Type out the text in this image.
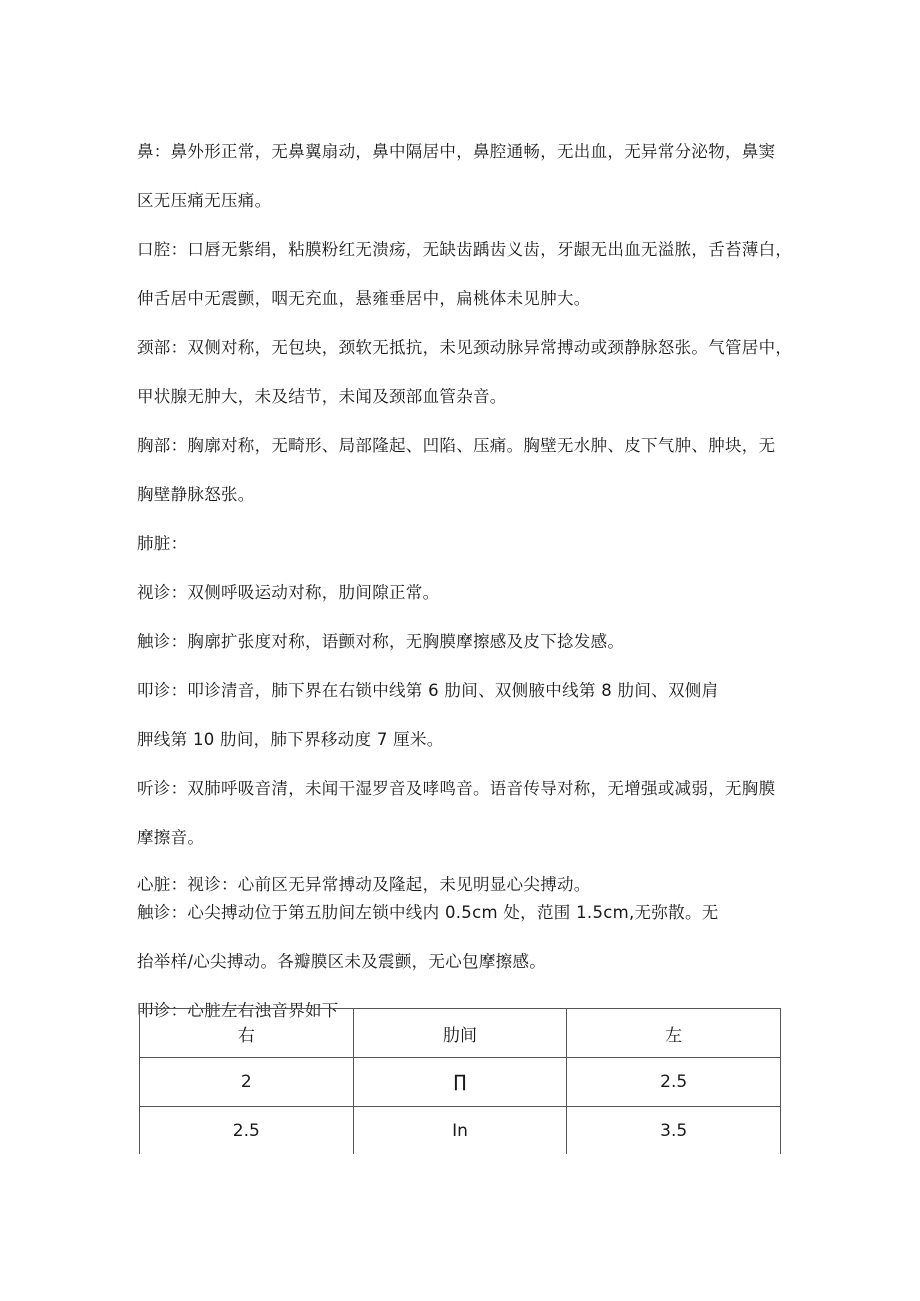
鼻：鼻外形正常，无鼻翼扇动，鼻中隔居中，鼻腔通畅，无出血，无异常分泌物，鼻窦

区无压痛无压痛。

口腔：口唇无紫绢，粘膜粉红无溃疡，无缺齿踽齿义齿，牙龈无出血无溢脓，舌苔薄白，

伸舌居中无震颤，咽无充血，悬雍垂居中，扁桃体未见肿大。

颈部：双侧对称，无包块，颈软无抵抗，未见颈动脉异常搏动或颈静脉怒张。气管居中，

甲状腺无肿大，未及结节，未闻及颈部血管杂音。

胸部：胸廓对称，无畸形、局部隆起、凹陷、压痛。胸壁无水肿、皮下气肿、肿块，无

胸壁静脉怒张。

肺脏：

视诊：双侧呼吸运动对称，肋间隙正常。

触诊：胸廓扩张度对称，语颤对称，无胸膜摩擦感及皮下捻发感。

叩诊：叩诊清音，肺下界在右锁中线第 6 肋间、双侧腋中线第 8 肋间、双侧肩

胛线第 10 肋间，肺下界移动度 7 厘米。

听诊：双肺呼吸音清，未闻干湿罗音及哮鸣音。语音传导对称，无增强或减弱，无胸膜

摩擦音。

心脏：视诊：心前区无异常搏动及隆起，未见明显心尖搏动。

触诊：心尖搏动位于第五肋间左锁中线内 0.5cm 处，范围 1.5cm,无弥散。无

抬举样/心尖搏动。各瓣膜区未及震颤，无心包摩擦感。

叩诊：心脏左右浊音界如下

右	肋间	左
2	∏	2.5
2.5	In	3.5
